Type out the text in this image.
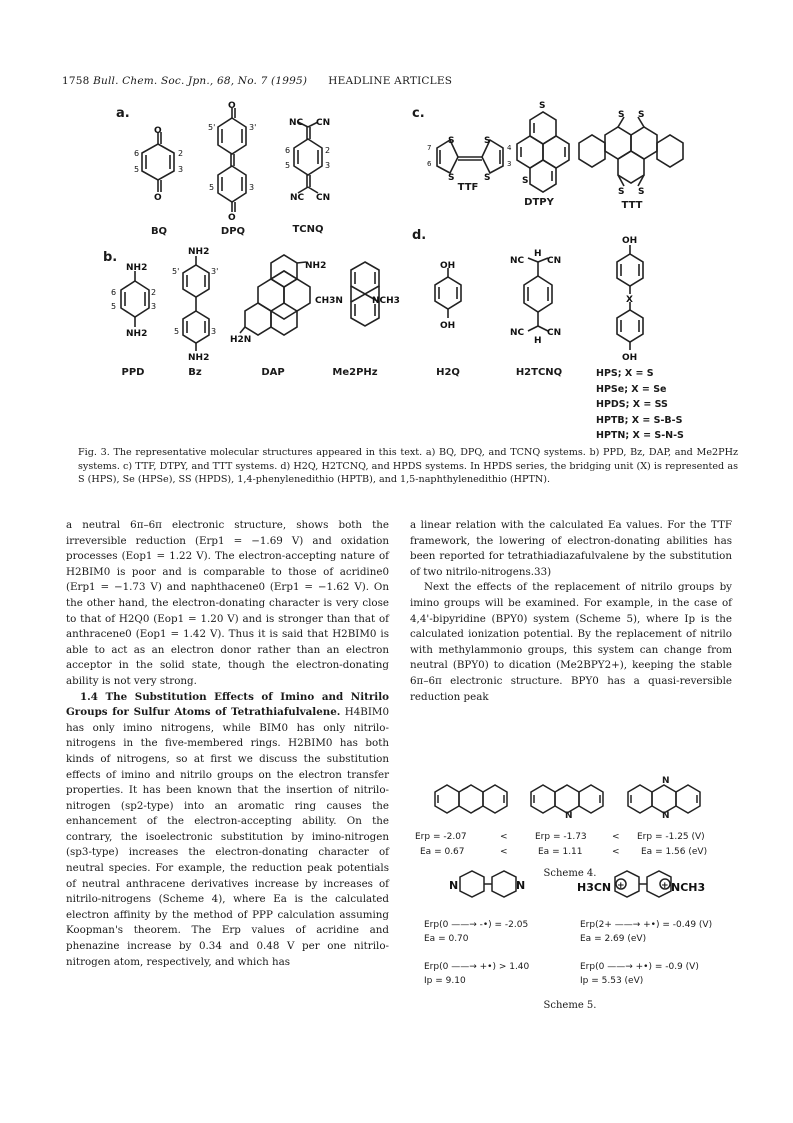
1758 Bull. Chem. Soc. Jpn., 68, No. 7 (1995) HEADLINE ARTICLES
a.
b.
c.
d.
O
O
2
3
6
5
O
O
5'	3'
5	3
NC CN
NC CN
6	2
5	3
NH2
NH2
6
5
2
3
NH2
NH2
5'	3'
5	3
NH2
H2N
CH3N	NCH3
S
S
S
S
7
6
4
3
S
S
S S
S S
OH
OH
NC
H
CN
NC
H
CN
OH
X
OH
BQ	DPQ	TCNQ
PPD	Bz	DAP	Me2PHz
TTF
DTPY	TTT
H2Q	H2TCNQ	HPS; X = S
HPSe; X = Se
HPDS; X = SS
HPTB; X = S-B-S
HPTN; X = S-N-S
Fig. 3. The representative molecular structures appeared in this text. a) BQ, DPQ, and TCNQ systems. b) PPD, Bz, DAP, and Me2PHz systems. c) TTF, DTPY, and TTT systems. d) H2Q, H2TCNQ, and HPDS systems. In HPDS series, the bridging unit (X) is represented as S (HPS), Se (HPSe), SS (HPDS), 1,4-phenylenedithio (HPTB), and 1,5-naphthylenedithio (HPTN).

a neutral 6π–6π electronic structure, shows both the irreversible reduction (Erp1 = −1.69 V) and oxidation processes (Eop1 = 1.22 V). The electron-accepting nature of H2BIM0 is poor and is comparable to those of acridine0 (Erp1 = −1.73 V) and naphthacene0 (Erp1 = −1.62 V). On the other hand, the electron-donating character is very close to that of H2Q0 (Eop1 = 1.20 V) and is stronger than that of anthracene0 (Eop1 = 1.42 V). Thus it is said that H2BIM0 is able to act as an electron donor rather than an electron acceptor in the solid state, though the electron-donating ability is not very strong.

1.4 The Substitution Effects of Imino and Nitrilo Groups for Sulfur Atoms of Tetrathiafulvalene. H4BIM0 has only imino nitrogens, while BIM0 has only nitrilo-nitrogens in the five-membered rings. H2BIM0 has both kinds of nitrogens, so at first we discuss the substitution effects of imino and nitrilo groups on the electron transfer properties. It has been known that the insertion of nitrilo-nitrogen (sp2-type) into an aromatic ring causes the enhancement of the electron-accepting ability. On the contrary, the isoelectronic substitution by imino-nitrogen (sp3-type) increases the electron-donating character of neutral species. For example, the reduction peak potentials of neutral anthracene derivatives increase by increases of nitrilo-nitrogens (Scheme 4), where Ea is the calculated electron affinity by the method of PPP calculation assuming Koopman's theorem. The Erp values of acridine and phenazine increase by 0.34 and 0.48 V per one nitrilo-nitrogen atom, respectively, and which has

a linear relation with the calculated Ea values. For the TTF framework, the lowering of electron-donating abilities has been reported for tetrathiadiazafulvalene by the substitution of two nitrilo-nitrogens.33)

Next the effects of the replacement of nitrilo groups by imino groups will be examined. For example, in the case of 4,4'-bipyridine (BPY0) system (Scheme 5), where Ip is the calculated ionization potential. By the replacement of nitrilo with methylammonio groups, this system can change from neutral (BPY0) to dication (Me2BPY2+), keeping the stable 6π–6π electronic structure. BPY0 has a quasi-reversible reduction peak

N
N
N
Erp = -2.07	<	Erp = -1.73	< Erp = -1.25 (V)
Ea = 0.67	<	Ea = 1.11	< Ea = 1.56 (eV)
Scheme 4.
N	N	H3CN +	+ NCH3
Erp(0 ——→ -•) = -2.05
Ea = 0.70
Erp(0 ——→ +•) > 1.40
Ip = 9.10
Erp(2+ ——→ +•) = -0.49 (V)
Ea = 2.69 (eV)
Erp(0 ——→ +•) = -0.9 (V)
Ip = 5.53 (eV)
Scheme 5.
